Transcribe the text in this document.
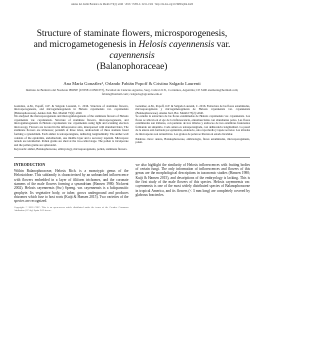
Anales del Jardín Botánico de Madrid 73(2): e040 · 2016 · ISSN-L: 0211-1322 · http://dx.doi.org/10.3989/ajbm.2420
Structure of staminate flowers, microsporogenesis,
and microgametogenesis in Helosis cayennensis var. cayennensis
(Balanophoraceae)
Ana María González¹, Orlando Fabián Popoff & Cristina Salgado Laurenti
Instituto de Botánica del Nordeste IBONE (UNNE-CONICET), Facultad de Ciencias Agrarias, Sarg. Cabral 2131, Corrientes, Argentina; CP 3400 anamaria@hotmail.com; fabian@hotmail.com; csalgado@agr.unne.edu.ar
González, A.M., Popoff, O.F. & Salgado Laurenti, C. 2016. Structure of staminate flowers, microsporogenesis, and microgametogenesis in Helosis cayennensis var. cayennensis (Balanophoraceae). Anales Jard. Bot. Madrid 73(2): e040.
We analyzed the microsporogenesis and microgametogenesis of the staminate flowers of Helosis cayennensis var. cayennensis. Structure of staminate flowers, microsporogenesis, and microgametogenesis in Helosis cayennensis var. cayennensis using light and scanning electron microscopy. Flowers are located in the inflorescence axis, interspersed with abundant hairs. The staminate flowers are trimerous; perianth of three lobes, androecium of three stamens fused forming a synandrium. Each anther is tetrasporangiate, dehiscing longitudinally. The anther wall consists of the epidermis, endothecium, one middle layer and a secretory tapetum. Microspore tetrads are tetrahedral. Pollen grains are shed at the two-celled stage. The pollen is tricolporate and the pollen grains are spheroidal.
Keywords: anther, Balanophoraceae, embryology, microsporogenesis, pollen, staminate flowers.
González, A.M., Popoff, O.F. & Salgado Laurenti, C. 2016. Estructura de las flores estaminadas, microsporogénesis y microgametogénesis de Helosis cayennensis var. cayennensis (Balanophoraceae). Anales Jard. Bot. Madrid 73(2): e040.
Se estudia la estructura de las flores estaminadas de Helosis cayennensis var. cayennensis. Las flores se ubican en el eje de la inflorescencia, entremezcladas con abundantes pelos. Las flores estaminadas son trímeras, con perianto de tres lóbulos y androceo de tres estambres fusionados formando un sinandrio. Cada antera es tetrasporangiada, con dehiscencia longitudinal. La pared de la antera está formada por epidermis, endotecio, una capa media y tapete secretor. Las tétradas de microsporas son tetraédricas. Los granos de polen se liberan en estado bicelular.
Palabras clave: antera, Balanophoraceae, embriología, flores estaminadas, microsporogénesis, polen.
INTRODUCTION
Within Balanophoraceae, Helosis Rich. is a monotypic genus of the Helosioideae. This subfamily is characterized by an unbranched inflorescence with flowers embedded in a layer of filiform trichomes, and the coronate stamens of the male flowers forming a synandrium (Hansen 1980; Nickrent 2002). Helosis cayennensis (Sw.) Spreng. var. cayennensis is a holoparasitic geophyte. Its vegetative body, or tuber, grows underground and produces rhizomes which fuse to host roots (Kuijt & Hansen 2015). Two varieties of the species are recognized.
Copyright: © 2016 CSIC. This is an open-access article distributed under the terms of the Creative Commons Attribution (CC-by) Spain 3.0 License.
we also highlight the similarity of Helosis inflorescences with fruiting bodies of certain fungi. The only information of inflorescences and flowers of this genus are the morphological descriptions in taxonomic studies (Hansen 1980; Kuijt & Hansen 2015), and descriptions of the embryology is lacking. This is the first study of the male flowers of this species. Helosis cayennensis var. cayennensis is one of the most widely distributed species of Balanophoraceae in tropical America, and its flowers (< 3 mm long) are completely covered by glabrous bracteoles.
